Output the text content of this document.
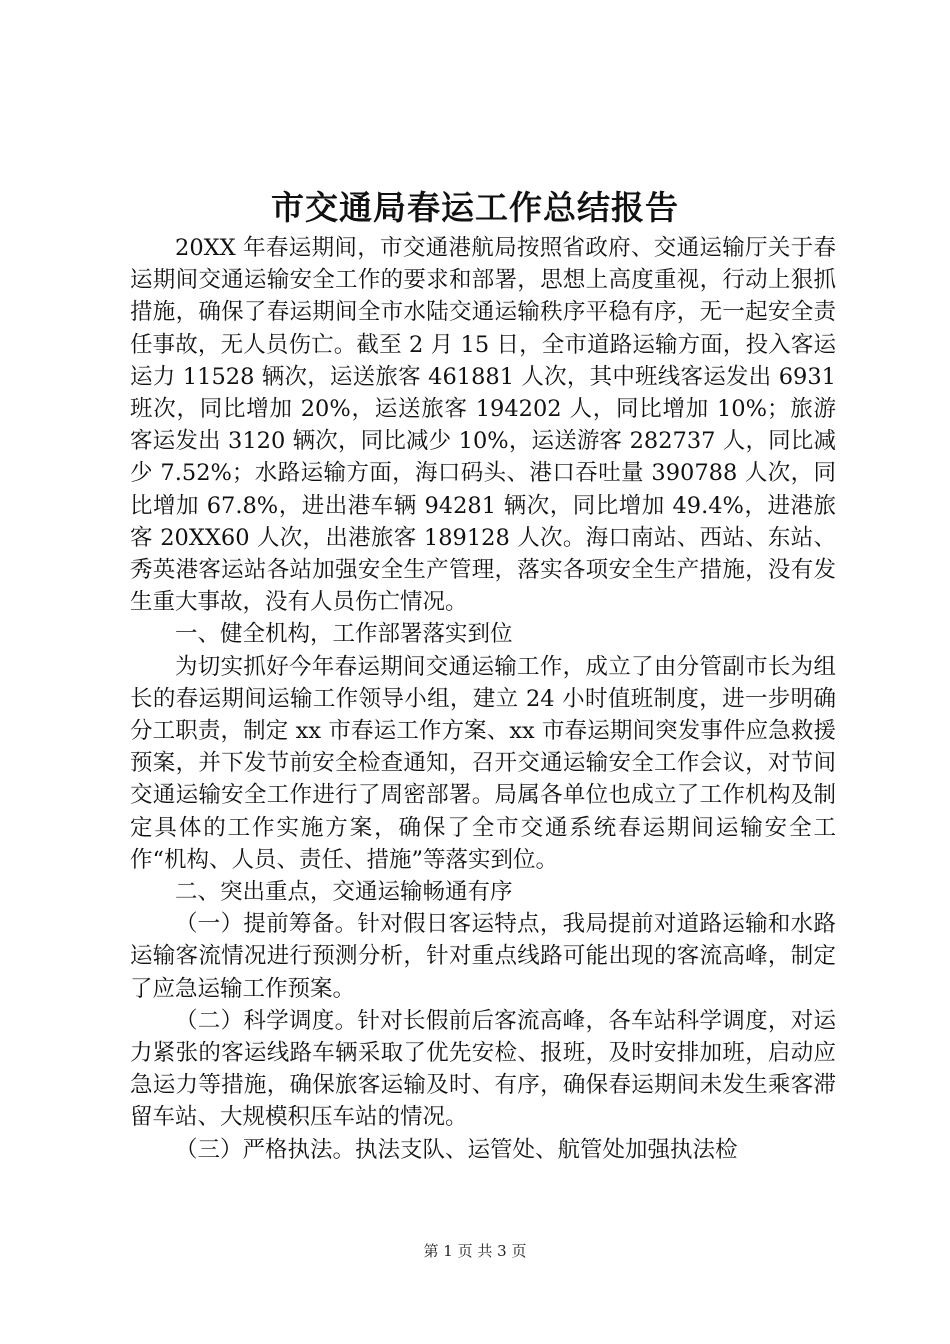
市交通局春运工作总结报告

20XX 年春运期间，市交通港航局按照省政府、交通运输厅关于春运期间交通运输安全工作的要求和部署，思想上高度重视，行动上狠抓措施，确保了春运期间全市水陆交通运输秩序平稳有序，无一起安全责任事故，无人员伤亡。截至 2 月 15 日，全市道路运输方面，投入客运运力 11528 辆次，运送旅客 461881 人次，其中班线客运发出 6931 班次，同比增加 20%，运送旅客 194202 人，同比增加 10%；旅游客运发出 3120 辆次，同比减少 10%，运送游客 282737 人，同比减少 7.52%；水路运输方面，海口码头、港口吞吐量 390788 人次，同比增加 67.8%，进出港车辆 94281 辆次，同比增加 49.4%，进港旅客 20XX60 人次，出港旅客 189128 人次。海口南站、西站、东站、秀英港客运站各站加强安全生产管理，落实各项安全生产措施，没有发生重大事故，没有人员伤亡情况。

一、健全机构，工作部署落实到位

为切实抓好今年春运期间交通运输工作，成立了由分管副市长为组长的春运期间运输工作领导小组，建立 24 小时值班制度，进一步明确分工职责，制定 xx 市春运工作方案、xx 市春运期间突发事件应急救援预案，并下发节前安全检查通知，召开交通运输安全工作会议，对节间交通运输安全工作进行了周密部署。局属各单位也成立了工作机构及制定具体的工作实施方案，确保了全市交通系统春运期间运输安全工作“机构、人员、责任、措施”等落实到位。

二、突出重点，交通运输畅通有序

（一）提前筹备。针对假日客运特点，我局提前对道路运输和水路运输客流情况进行预测分析，针对重点线路可能出现的客流高峰，制定了应急运输工作预案。

（二）科学调度。针对长假前后客流高峰，各车站科学调度，对运力紧张的客运线路车辆采取了优先安检、报班，及时安排加班，启动应急运力等措施，确保旅客运输及时、有序，确保春运期间未发生乘客滞留车站、大规模积压车站的情况。

（三）严格执法。执法支队、运管处、航管处加强执法检

第 1 页 共 3 页
